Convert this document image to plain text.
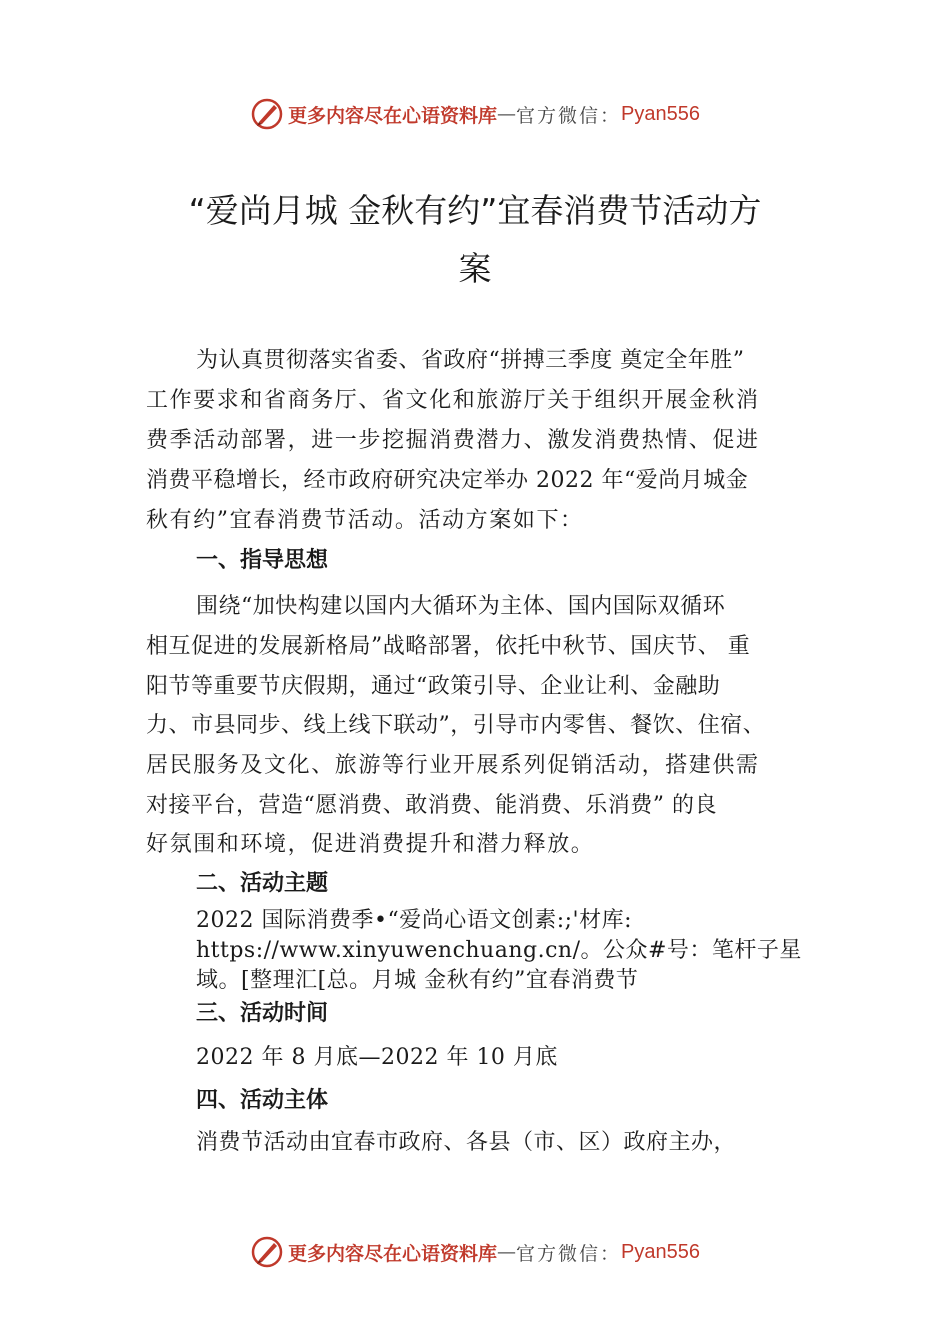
更多内容尽在心语资料库 — 官方微信： Pyan556
“爱尚月城 金秋有约”宜春消费节活动方
案
为认真贯彻落实省委、省政府“拼搏三季度 奠定全年胜”
工作要求和省商务厅、省文化和旅游厅关于组织开展金秋消
费季活动部署，进一步挖掘消费潜力、激发消费热情、促进
消费平稳增长，经市政府研究决定举办 2022 年“爱尚月城金
秋有约”宜春消费节活动。活动方案如下：
一、指导思想
围绕“加快构建以国内大循环为主体、国内国际双循环
相互促进的发展新格局”战略部署，依托中秋节、国庆节、 重
阳节等重要节庆假期，通过“政策引导、企业让利、金融助
力、市县同步、线上线下联动”，引导市内零售、餐饮、住宿、
居民服务及文化、旅游等行业开展系列促销活动，搭建供需
对接平台，营造“愿消费、敢消费、能消费、乐消费” 的良
好氛围和环境，促进消费提升和潜力释放。
二、活动主题
2022 国际消费季•“爱尚心语文创素:;'材库:
https://www.xinyuwenchuang.cn/。公众#号：笔杆子星
域。[整理汇[总。月城 金秋有约”宜春消费节
三、活动时间
2022 年 8 月底—2022 年 10 月底
四、活动主体
消费节活动由宜春市政府、各县（市、区）政府主办，
更多内容尽在心语资料库 — 官方微信： Pyan556
